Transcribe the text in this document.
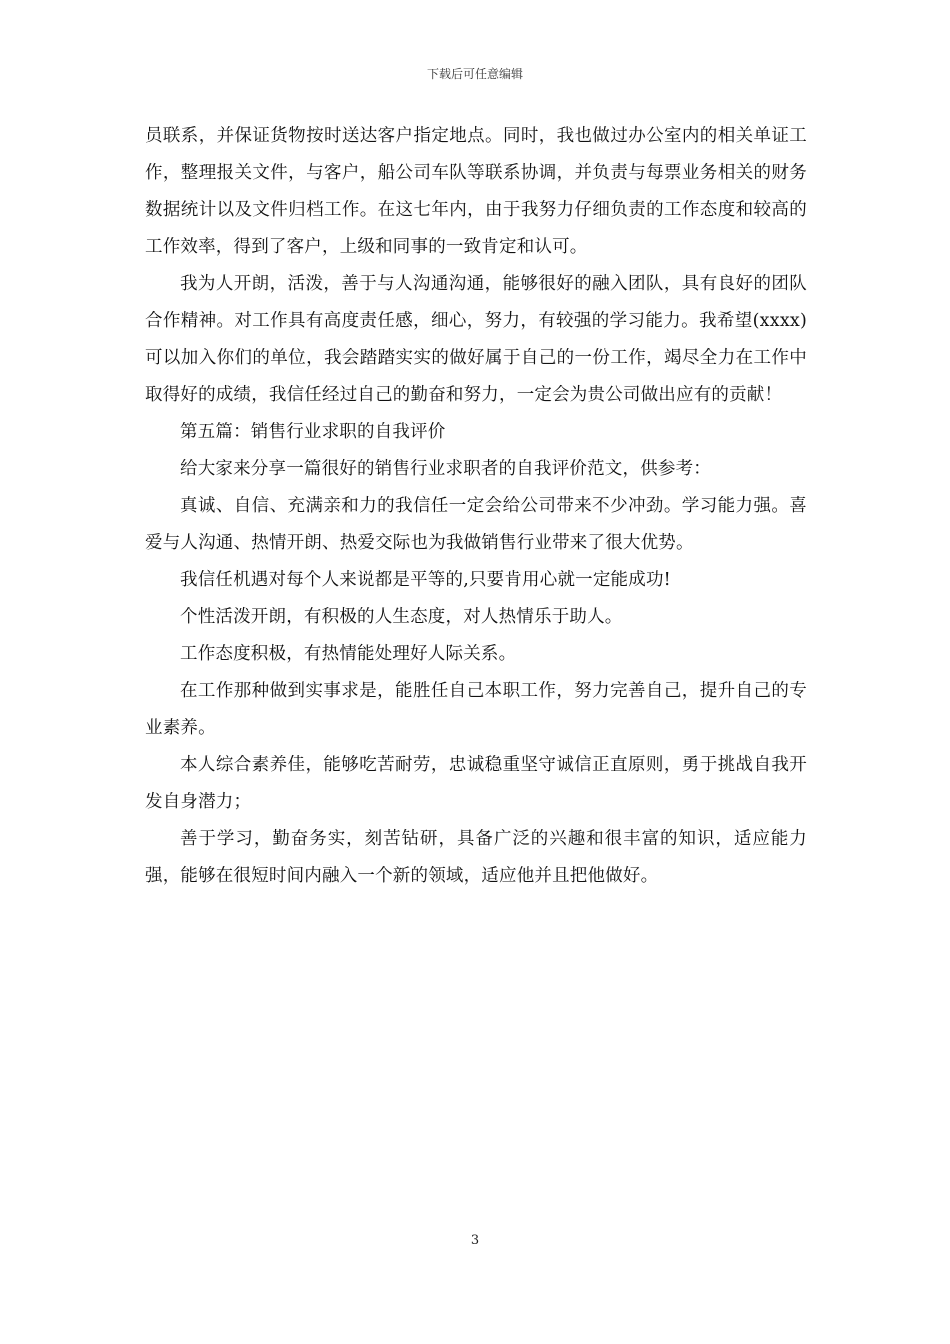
下载后可任意编辑

员联系，并保证货物按时送达客户指定地点。同时，我也做过办公室内的相关单证工作，整理报关文件，与客户，船公司车队等联系协调，并负责与每票业务相关的财务数据统计以及文件归档工作。在这七年内，由于我努力仔细负责的工作态度和较高的工作效率，得到了客户，上级和同事的一致肯定和认可。

我为人开朗，活泼，善于与人沟通沟通，能够很好的融入团队，具有良好的团队合作精神。对工作具有高度责任感，细心，努力，有较强的学习能力。我希望(xxxx)可以加入你们的单位，我会踏踏实实的做好属于自己的一份工作，竭尽全力在工作中取得好的成绩，我信任经过自己的勤奋和努力，一定会为贵公司做出应有的贡献！

第五篇：销售行业求职的自我评价

给大家来分享一篇很好的销售行业求职者的自我评价范文，供参考：

真诚、自信、充满亲和力的我信任一定会给公司带来不少冲劲。学习能力强。喜爱与人沟通、热情开朗、热爱交际也为我做销售行业带来了很大优势。

我信任机遇对每个人来说都是平等的,只要肯用心就一定能成功!

个性活泼开朗，有积极的人生态度，对人热情乐于助人。

工作态度积极，有热情能处理好人际关系。

在工作那种做到实事求是，能胜任自己本职工作，努力完善自己，提升自己的专业素养。

本人综合素养佳，能够吃苦耐劳，忠诚稳重坚守诚信正直原则，勇于挑战自我开发自身潜力；

善于学习，勤奋务实，刻苦钻研，具备广泛的兴趣和很丰富的知识，适应能力强，能够在很短时间内融入一个新的领域，适应他并且把他做好。

3
